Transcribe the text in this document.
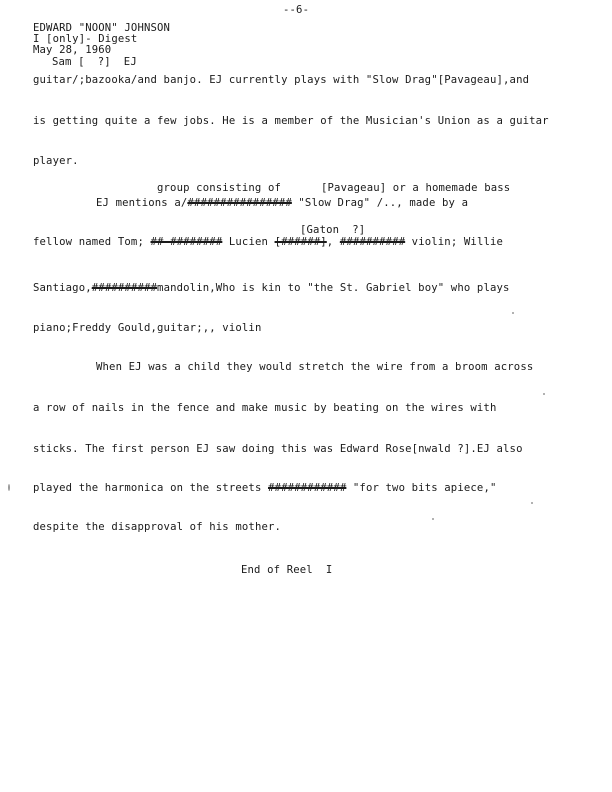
--6-
EDWARD "NOON" JOHNSON
I [only]- Digest
May 28, 1960
Sam [  ?]  EJ
guitar/;bazooka/and banjo. EJ currently plays with "Slow Drag"[Pavageau],and
is getting quite a few jobs. He is a member of the Musician's Union as a guitar
player.
group consisting of	[Pavageau] or a homemade bass
EJ mentions a/################ "Slow Drag" /.., made by a
[Gaton  ?]
fellow named Tom; ## ######## Lucien [######], ########## violin; Willie
Santiago,##########mandolin,Who is kin to "the St. Gabriel boy" who plays
piano;Freddy Gould,guitar;,, violin
When EJ was a child they would stretch the wire from a broom across
a row of nails in the fence and make music by beating on the wires with
sticks. The first person EJ saw doing this was Edward Rose[nwald ?].EJ also
played the harmonica on the streets ############ "for two bits apiece,"
despite the disapproval of his mother.
End of Reel  I
